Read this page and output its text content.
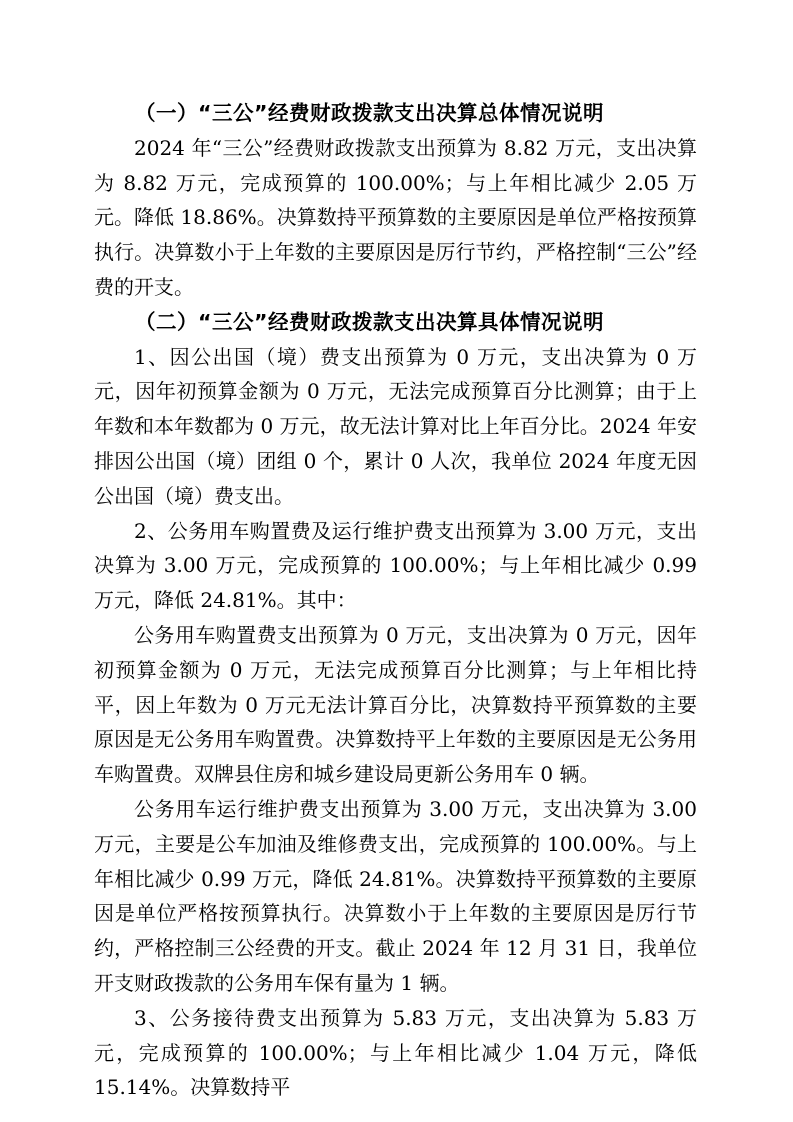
（一）“三公”经费财政拨款支出决算总体情况说明

2024 年“三公”经费财政拨款支出预算为 8.82 万元，支出决算为 8.82 万元，完成预算的 100.00%；与上年相比减少 2.05 万元。降低 18.86%。决算数持平预算数的主要原因是单位严格按预算执行。决算数小于上年数的主要原因是厉行节约，严格控制“三公”经费的开支。

（二）“三公”经费财政拨款支出决算具体情况说明

1、因公出国（境）费支出预算为 0 万元，支出决算为 0 万元，因年初预算金额为 0 万元，无法完成预算百分比测算；由于上年数和本年数都为 0 万元，故无法计算对比上年百分比。2024 年安排因公出国（境）团组 0 个，累计 0 人次，我单位 2024 年度无因公出国（境）费支出。

2、公务用车购置费及运行维护费支出预算为 3.00 万元，支出决算为 3.00 万元，完成预算的 100.00%；与上年相比减少 0.99 万元，降低 24.81%。其中：

公务用车购置费支出预算为 0 万元，支出决算为 0 万元，因年初预算金额为 0 万元，无法完成预算百分比测算；与上年相比持平，因上年数为 0 万元无法计算百分比，决算数持平预算数的主要原因是无公务用车购置费。决算数持平上年数的主要原因是无公务用车购置费。双牌县住房和城乡建设局更新公务用车 0 辆。

公务用车运行维护费支出预算为 3.00 万元，支出决算为 3.00 万元，主要是公车加油及维修费支出，完成预算的 100.00%。与上年相比减少 0.99 万元，降低 24.81%。决算数持平预算数的主要原因是单位严格按预算执行。决算数小于上年数的主要原因是厉行节约，严格控制三公经费的开支。截止 2024 年 12 月 31 日，我单位开支财政拨款的公务用车保有量为 1 辆。

3、公务接待费支出预算为 5.83 万元，支出决算为 5.83 万元，完成预算的 100.00%；与上年相比减少 1.04 万元，降低 15.14%。决算数持平
